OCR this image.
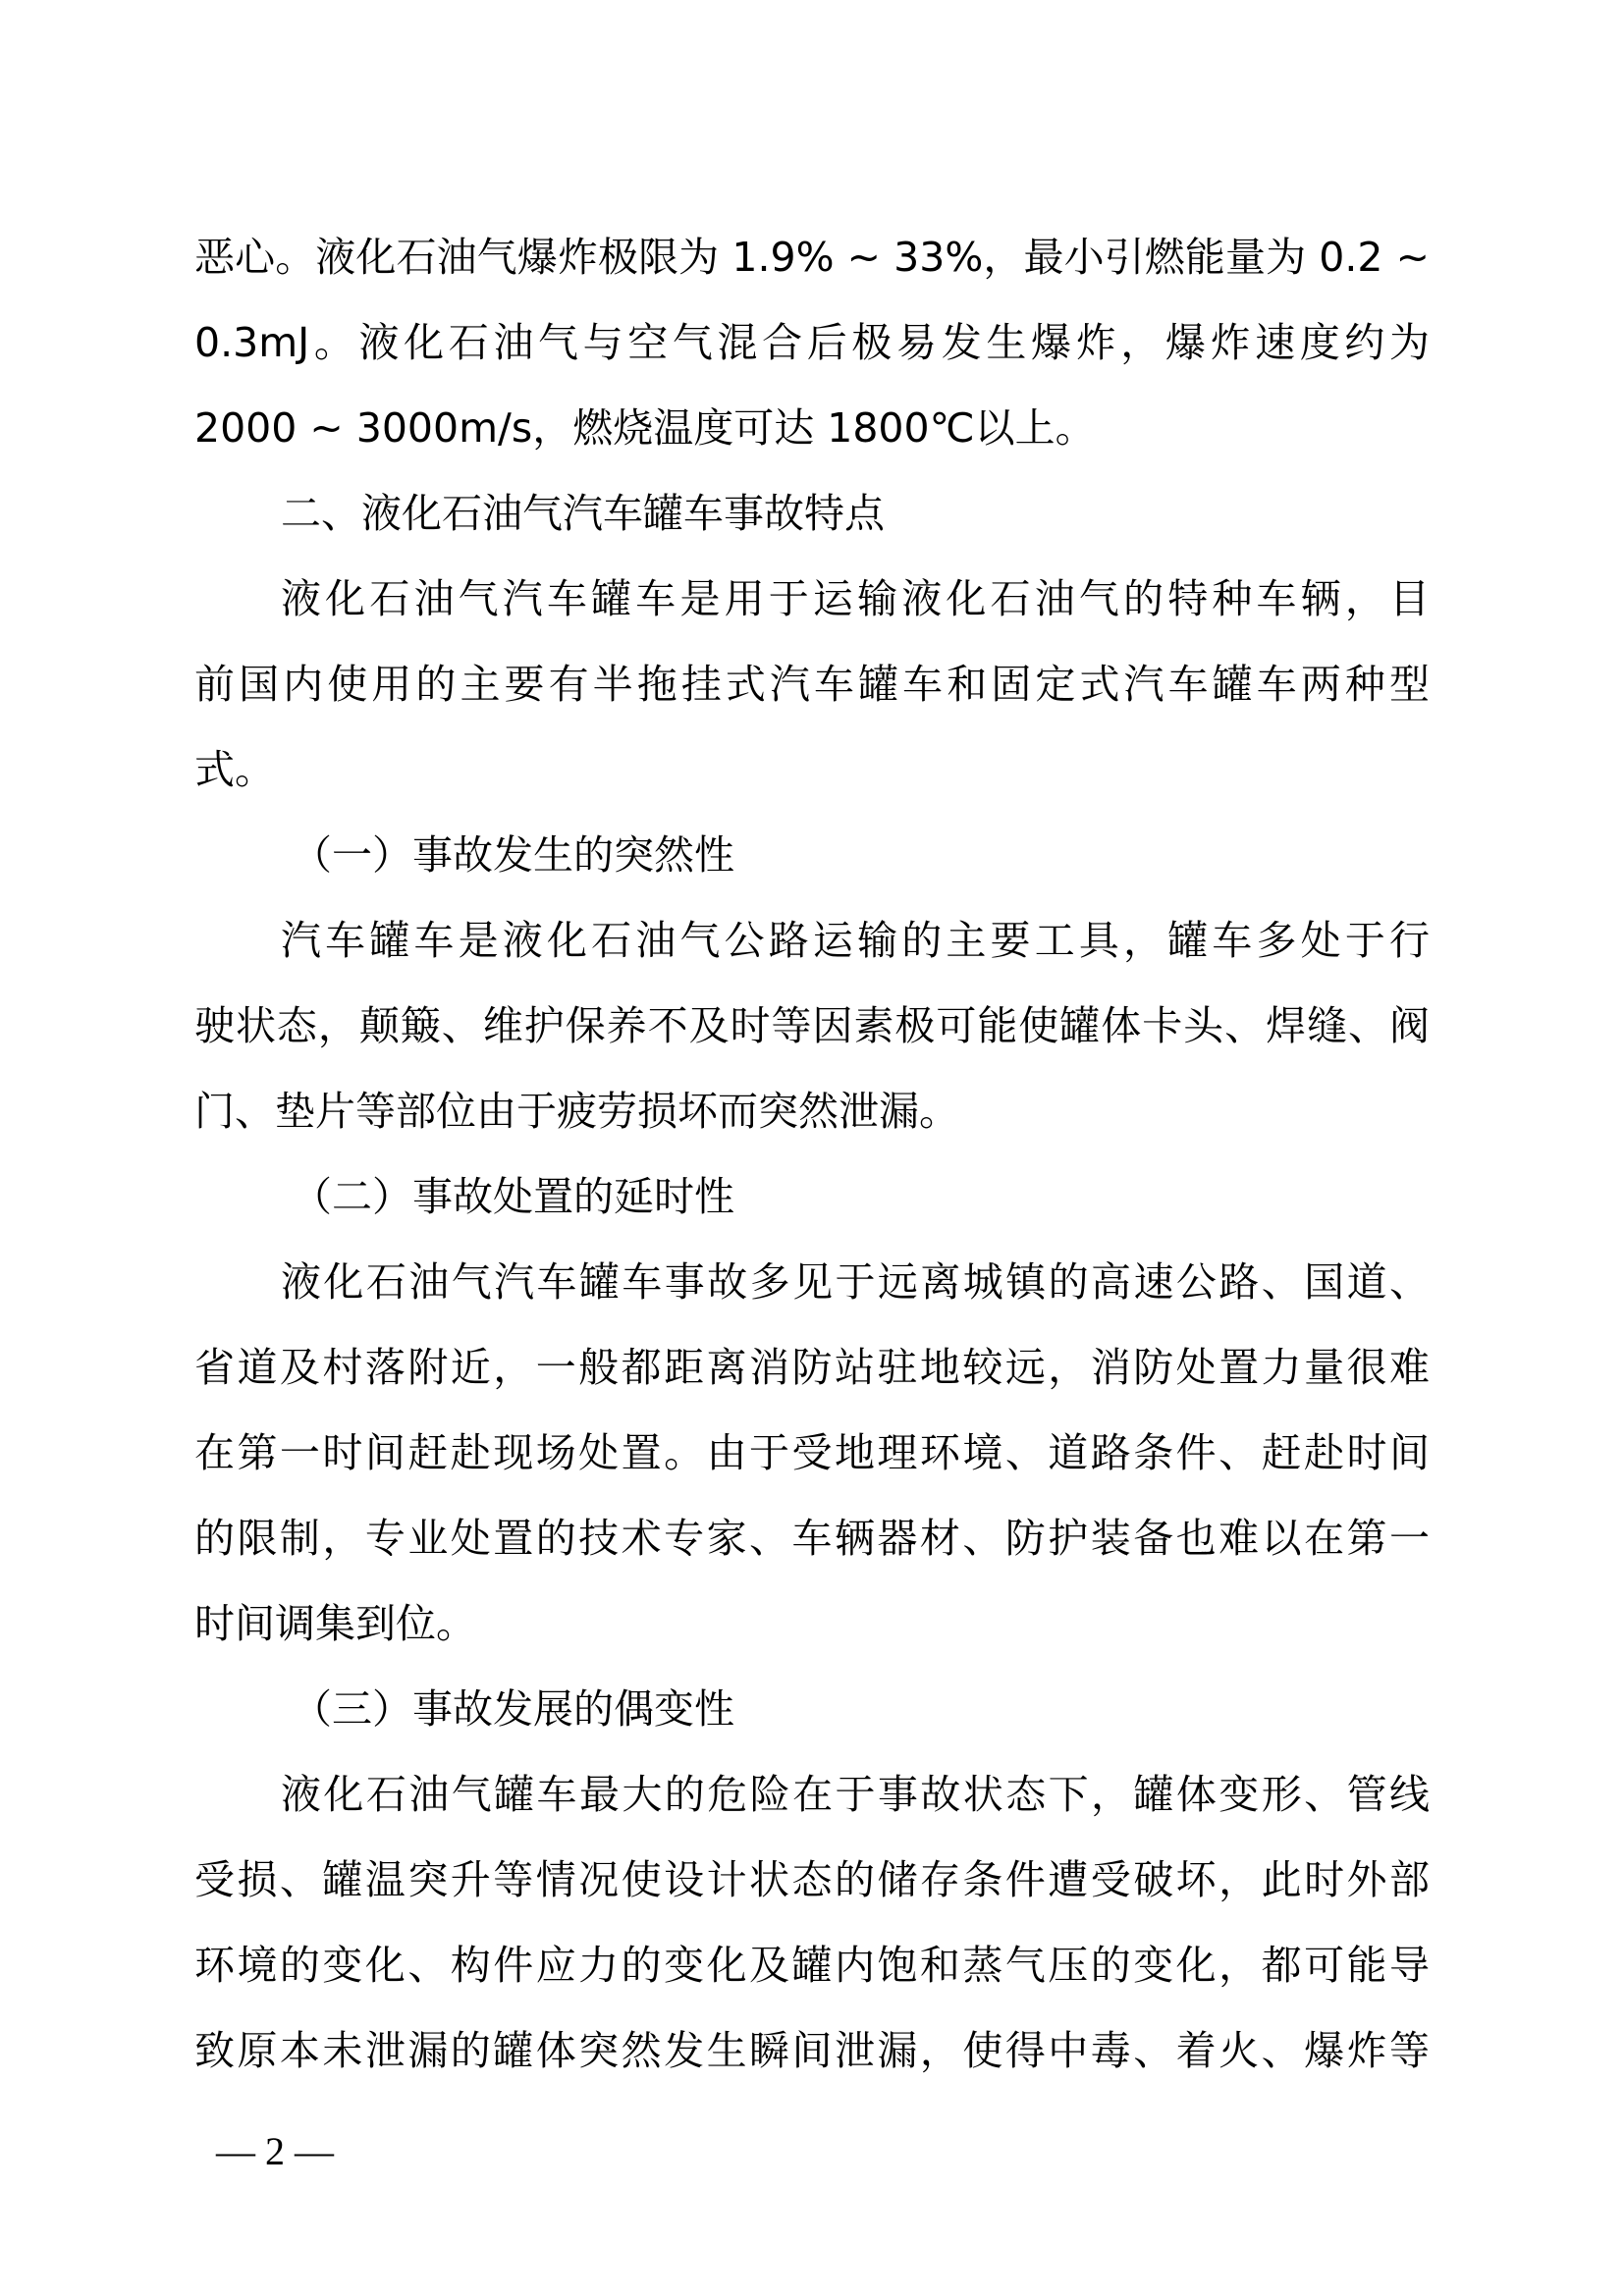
恶心。液化石油气爆炸极限为 1.9% ~ 33%，最小引燃能量为 0.2 ~
0.3mJ。液化石油气与空气混合后极易发生爆炸，爆炸速度约为
2000 ~ 3000m/s，燃烧温度可达 1800℃以上。
二、液化石油气汽车罐车事故特点
液化石油气汽车罐车是用于运输液化石油气的特种车辆，目
前国内使用的主要有半拖挂式汽车罐车和固定式汽车罐车两种型
式。
（一）事故发生的突然性
汽车罐车是液化石油气公路运输的主要工具，罐车多处于行
驶状态，颠簸、维护保养不及时等因素极可能使罐体卡头、焊缝、阀
门、垫片等部位由于疲劳损坏而突然泄漏。
（二）事故处置的延时性
液化石油气汽车罐车事故多见于远离城镇的高速公路、国道、
省道及村落附近，一般都距离消防站驻地较远，消防处置力量很难
在第一时间赶赴现场处置。由于受地理环境、道路条件、赶赴时间
的限制，专业处置的技术专家、车辆器材、防护装备也难以在第一
时间调集到位。
（三）事故发展的偶变性
液化石油气罐车最大的危险在于事故状态下，罐体变形、管线
受损、罐温突升等情况使设计状态的储存条件遭受破坏，此时外部
环境的变化、构件应力的变化及罐内饱和蒸气压的变化，都可能导
致原本未泄漏的罐体突然发生瞬间泄漏，使得中毒、着火、爆炸等
— 2 —
